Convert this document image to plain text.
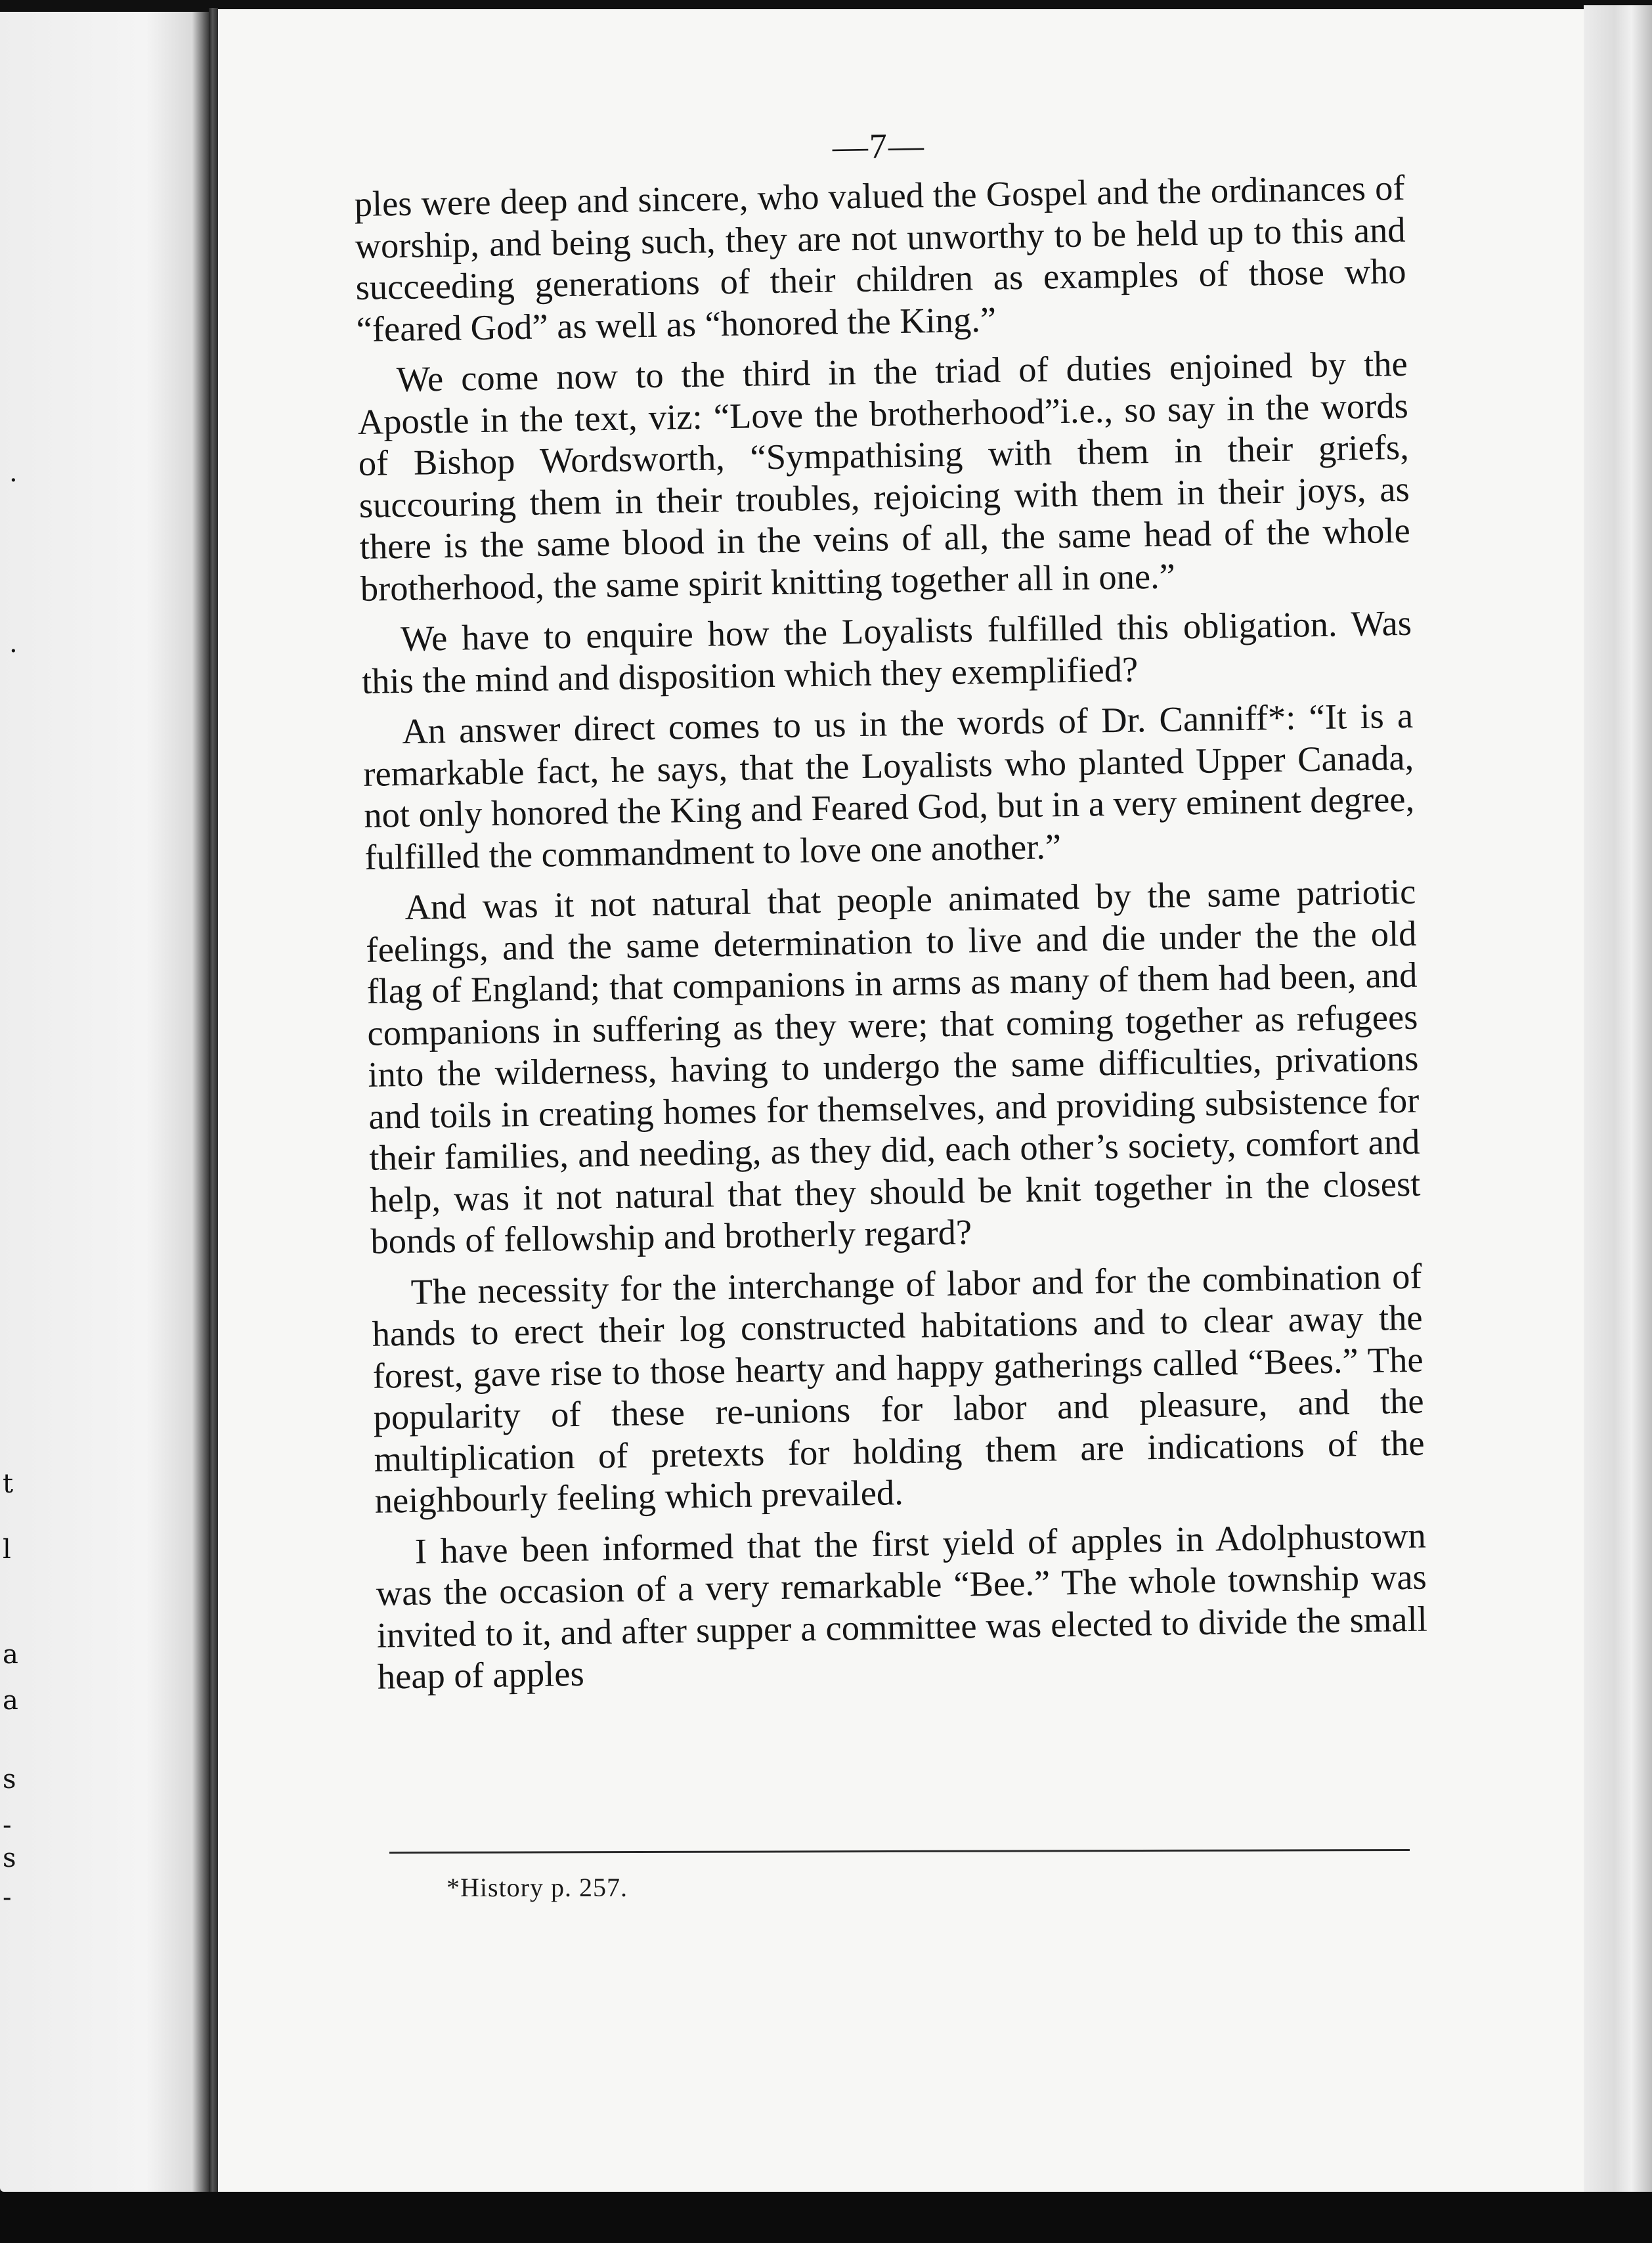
.
.
t
l
s
s
-
a
a
-
—7—

ples were deep and sincere, who valued the Gospel and the ordinances of worship, and being such, they are not unworthy to be held up to this and succeeding generations of their children as examples of those who “feared God” as well as “honored the King.”

We come now to the third in the triad of duties enjoined by the Apostle in the text, viz: “Love the brotherhood”i.e., so say in the words of Bishop Wordsworth, “Sympathising with them in their griefs, succouring them in their troubles, rejoicing with them in their joys, as there is the same blood in the veins of all, the same head of the whole brotherhood, the same spirit knitting together all in one.”

We have to enquire how the Loyalists fulfilled this obligation. Was this the mind and disposition which they exemplified?

An answer direct comes to us in the words of Dr. Canniff*: “It is a remarkable fact, he says, that the Loyalists who planted Upper Canada, not only honored the King and Feared God, but in a very eminent degree, fulfilled the commandment to love one another.”

And was it not natural that people animated by the same patriotic feelings, and the same determination to live and die under the the old flag of England; that companions in arms as many of them had been, and companions in suffering as they were; that coming together as refugees into the wilderness, having to undergo the same difficulties, privations and toils in creating homes for themselves, and providing subsistence for their families, and needing, as they did, each other’s society, comfort and help, was it not natural that they should be knit together in the closest bonds of fellowship and brotherly regard?

The necessity for the interchange of labor and for the combination of hands to erect their log constructed habitations and to clear away the forest, gave rise to those hearty and happy gatherings called “Bees.” The popularity of these re-unions for labor and pleasure, and the multiplication of pretexts for holding them are indications of the neighbourly feeling which prevailed.

I have been informed that the first yield of apples in Adolphustown was the occasion of a very remarkable “Bee.” The whole township was invited to it, and after supper a committee was elected to divide the small heap of apples

*History p. 257.
